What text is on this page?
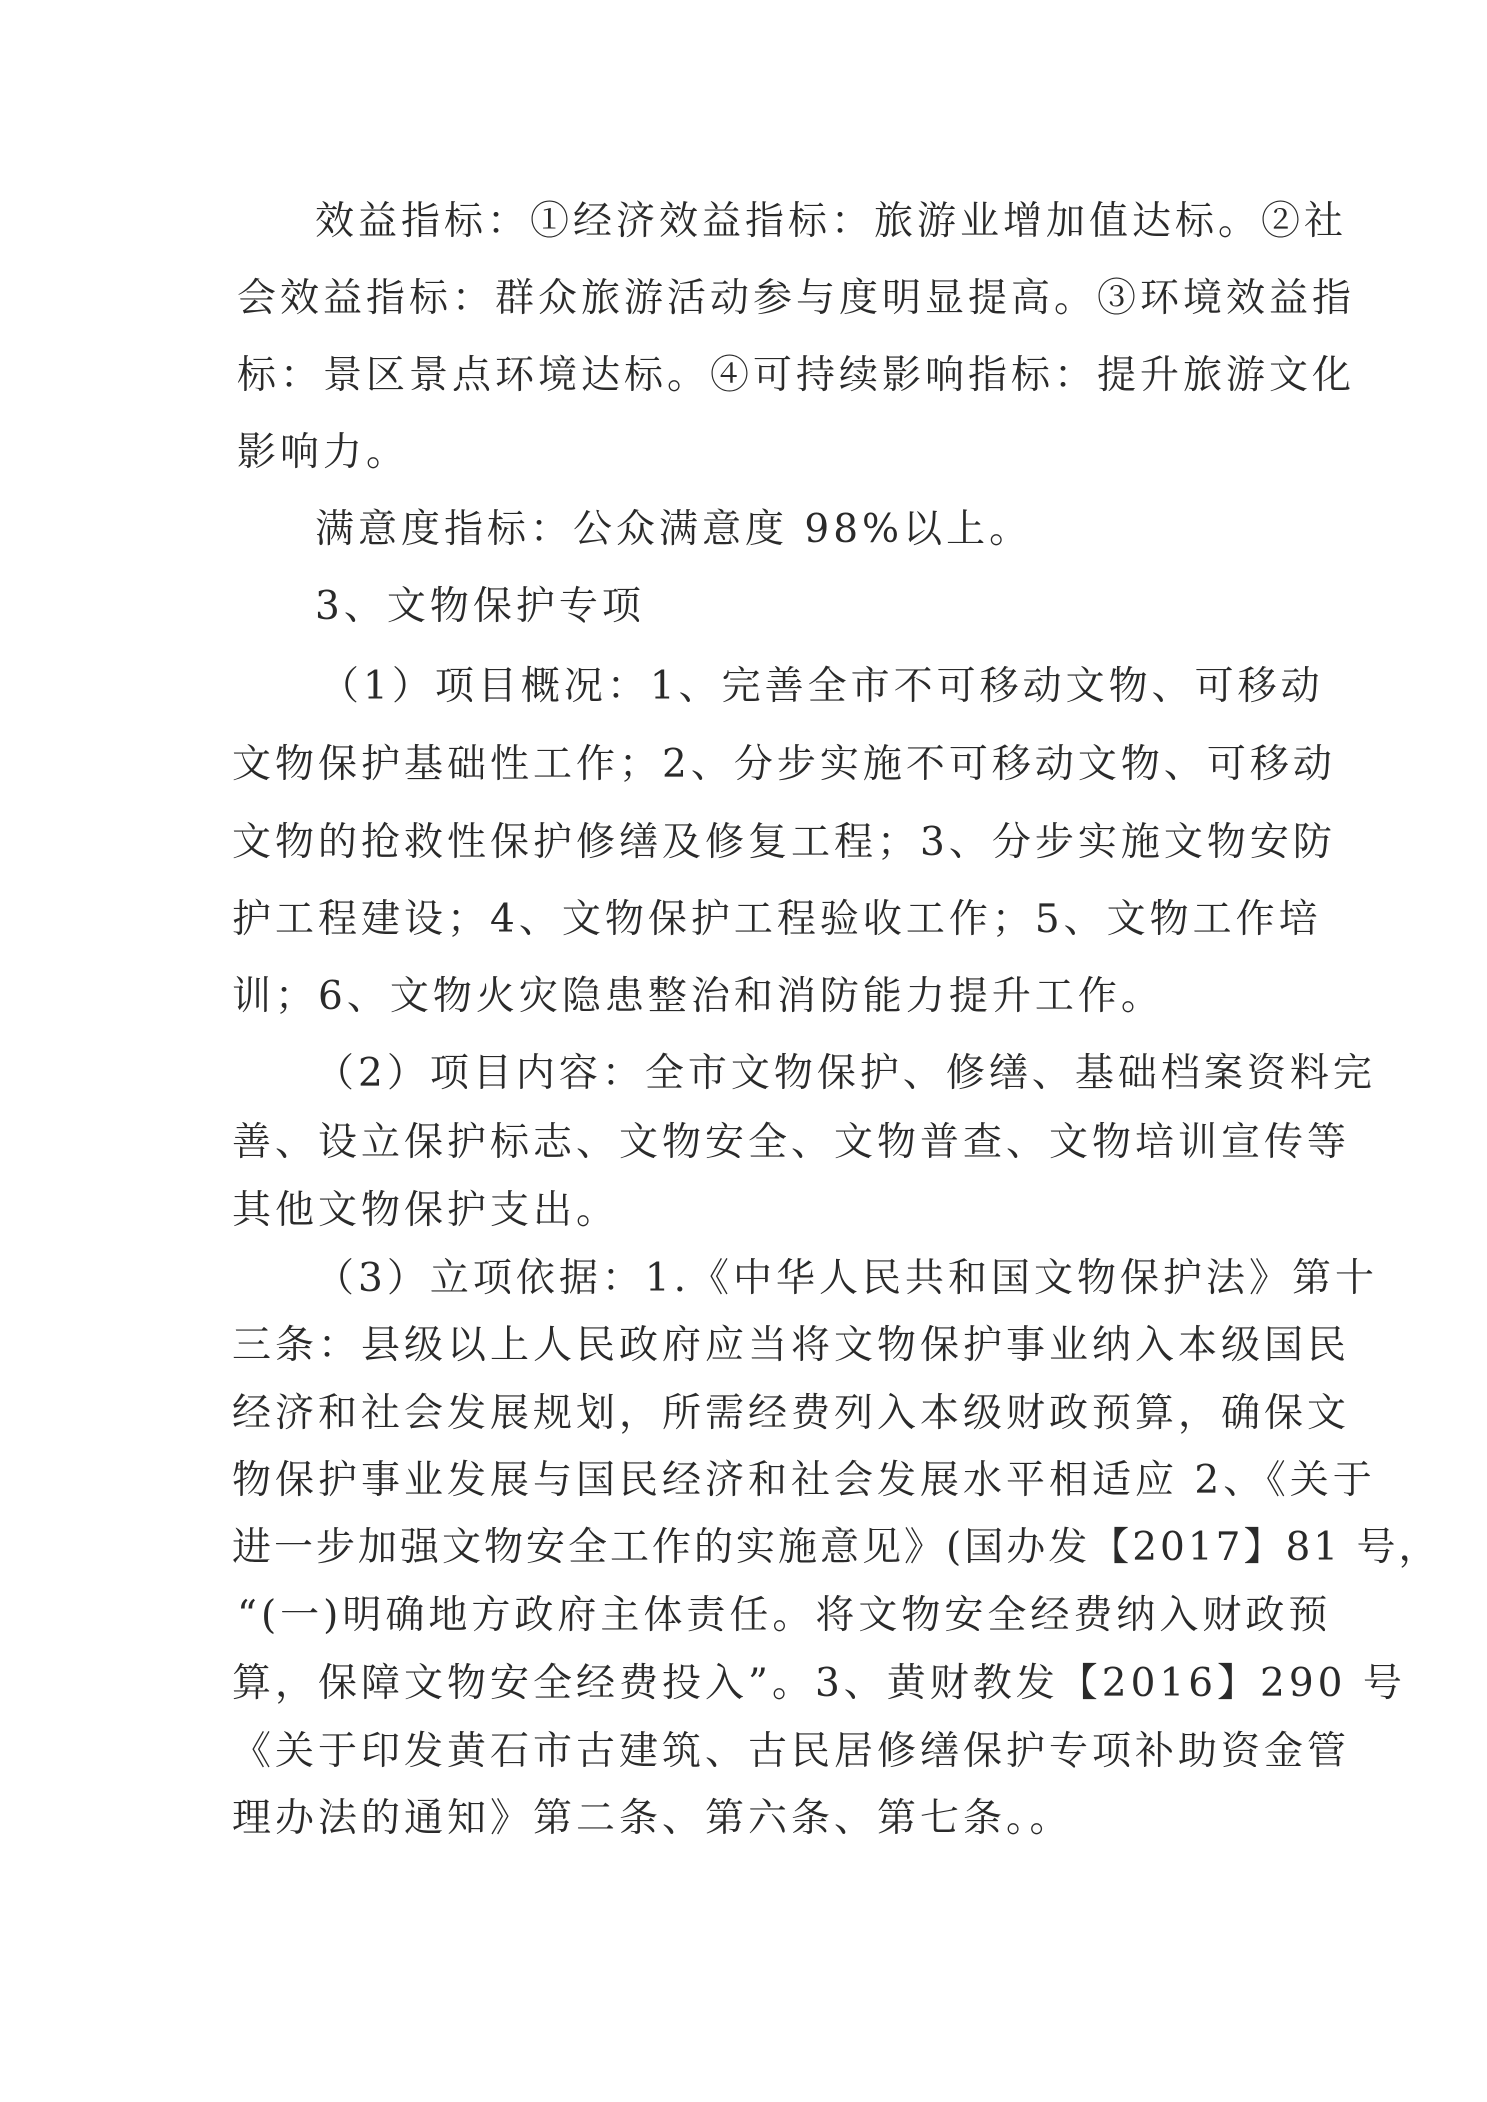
效益指标：①经济效益指标：旅游业增加值达标。②社
会效益指标：群众旅游活动参与度明显提高。③环境效益指
标：景区景点环境达标。④可持续影响指标：提升旅游文化
影响力。
满意度指标：公众满意度 98%以上。
3、文物保护专项
（1）项目概况：1、完善全市不可移动文物、可移动
文物保护基础性工作；2、分步实施不可移动文物、可移动
文物的抢救性保护修缮及修复工程；3、分步实施文物安防
护工程建设；4、文物保护工程验收工作；5、文物工作培
训；6、文物火灾隐患整治和消防能力提升工作。
（2）项目内容：全市文物保护、修缮、基础档案资料完
善、设立保护标志、文物安全、文物普查、文物培训宣传等
其他文物保护支出。
（3）立项依据：1.《中华人民共和国文物保护法》第十
三条：县级以上人民政府应当将文物保护事业纳入本级国民
经济和社会发展规划，所需经费列入本级财政预算，确保文
物保护事业发展与国民经济和社会发展水平相适应 2、《关于
进一步加强文物安全工作的实施意见》(国办发【2017】81 号，
“(一)明确地方政府主体责任。将文物安全经费纳入财政预
算，保障文物安全经费投入”。3、黄财教发【2016】290 号
《关于印发黄石市古建筑、古民居修缮保护专项补助资金管
理办法的通知》第二条、第六条、第七条。。
